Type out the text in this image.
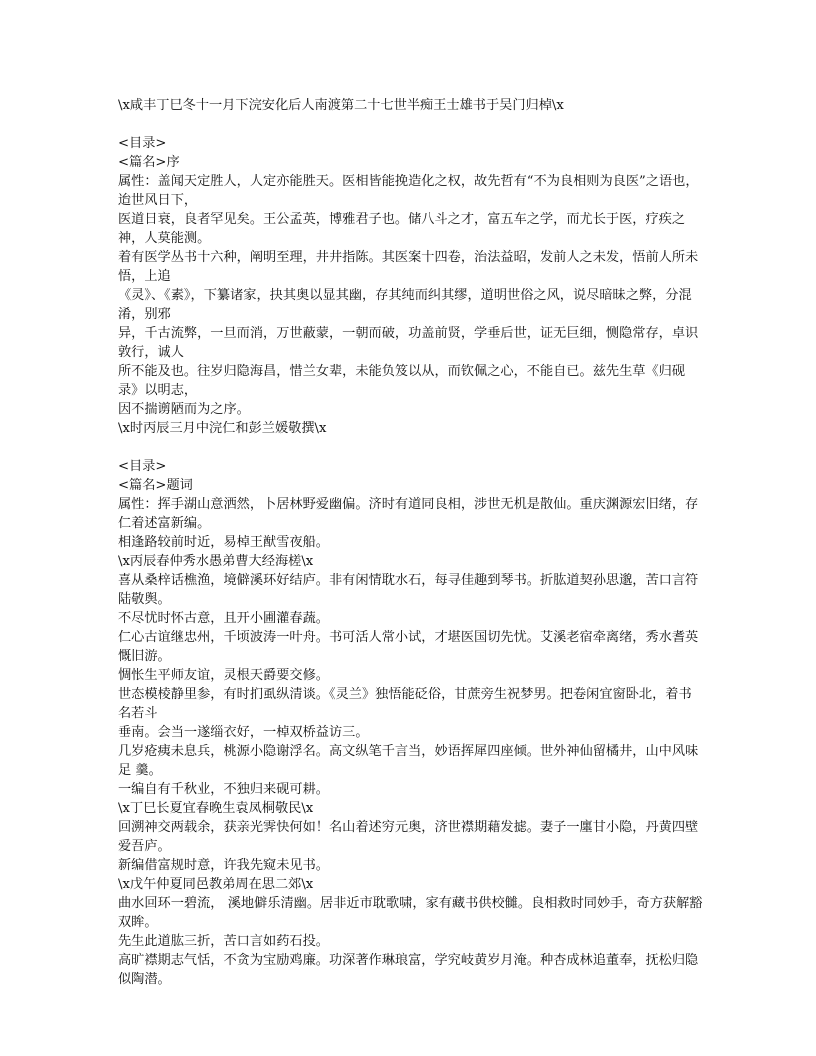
\x咸丰丁巳冬十一月下浣安化后人南渡第二十七世半痴王士雄书于吴门归棹\x
<目录>
<篇名>序
属性：盖闻天定胜人，人定亦能胜天。医相皆能挽造化之权，故先哲有“不为良相则为良医”之语也，迨世风日下，
医道日衰，良者罕见矣。王公孟英，博雅君子也。储八斗之才，富五车之学，而尤长于医，疗疾之神，人莫能测。
着有医学丛书十六种，阐明至理，井井指陈。其医案十四卷，治法益昭，发前人之未发，悟前人所未悟，上追
《灵》、《素》，下纂诸家，抉其奥以显其幽，存其纯而纠其缪，道明世俗之风，说尽暗昧之弊，分混淆，别邪
异，千古流弊，一旦而消，万世蔽蒙，一朝而破，功盖前贤，学垂后世，证无巨细，恻隐常存，卓识敦行，诚人
所不能及也。往岁归隐海昌，惜兰女辈，未能负笈以从，而钦佩之心，不能自已。兹先生草《归砚录》以明志，
因不揣谫陋而为之序。
\x时丙辰三月中浣仁和彭兰媛敬撰\x
<目录>
<篇名>题词
属性：挥手湖山意洒然，卜居林野爱幽偏。济时有道同良相，涉世无机是散仙。重庆渊源宏旧绪，存仁着述富新编。
相逢路较前时近，易棹王猷雪夜船。
\x丙辰春仲秀水愚弟曹大经海槎\x
喜从桑梓话樵渔，境僻溪环好结庐。非有闲情耽水石，每寻佳趣到琴书。折肱道契孙思邈，苦口言符陆敬舆。
不尽忧时怀古意，且开小圃灌春蔬。
仁心古谊继忠州，千顷波涛一叶舟。书可活人常小试，才堪医国切先忧。艾溪老宿牵离绪，秀水耆英慨旧游。
惆怅生平师友谊，灵根天爵要交修。
世态模棱静里参，有时扪虱纵清谈。《灵兰》独悟能砭俗，甘蔗旁生祝梦男。把卷闲宜窗卧北，着书名若斗
垂南。会当一遂缁衣好，一棹双桥益访三。
几岁疮痍未息兵，桃源小隐谢浮名。高文纵笔千言当，妙语挥犀四座倾。世外神仙留橘井，山中风味足 羹。
一编自有千秋业，不独归来砚可耕。
\x丁巳长夏宜春晚生袁凤桐敬民\x
回溯神交两载余，获亲光霁快何如！名山着述穷元奥，济世襟期藉发摅。妻子一廛甘小隐，丹黄四壁爱吾庐。
新编借富规时意，许我先窥未见书。
\x戊午仲夏同邑教弟周在思二郊\x
曲水回环一碧流， 溪地僻乐清幽。居非近市耽歌啸，家有藏书供校雠。良相救时同妙手，奇方获解豁双眸。
先生此道肱三折，苦口言如药石投。
高旷襟期志气恬，不贪为宝励鸡廉。功深著作琳琅富，学究岐黄岁月淹。种杏成林追董奉，抚松归隐似陶潜。
